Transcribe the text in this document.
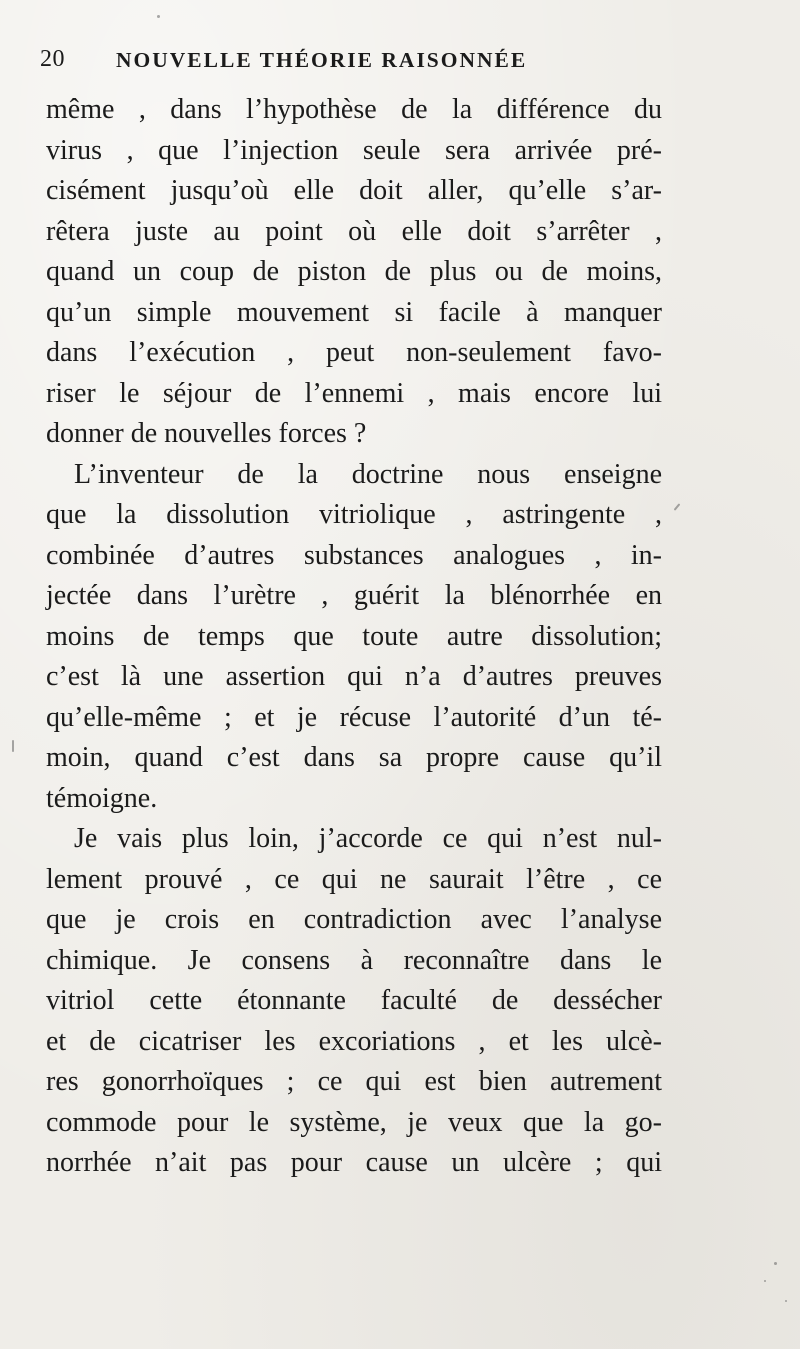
20 NOUVELLE THÉORIE RAISONNÉE
même , dans l’hypothèse de la différence du
virus , que l’injection seule sera arrivée pré-
cisément jusqu’où elle doit aller, qu’elle s’ar-
rêtera juste au point où elle doit s’arrêter ,
quand un coup de piston de plus ou de moins,
qu’un simple mouvement si facile à manquer
dans l’exécution , peut non-seulement favo-
riser le séjour de l’ennemi , mais encore lui
donner de nouvelles forces ?
L’inventeur de la doctrine nous enseigne
que la dissolution vitriolique , astringente ,
combinée d’autres substances analogues , in-
jectée dans l’urètre , guérit la blénorrhée en
moins de temps que toute autre dissolution;
c’est là une assertion qui n’a d’autres preuves
qu’elle-même ; et je récuse l’autorité d’un té-
moin, quand c’est dans sa propre cause qu’il
témoigne.
Je vais plus loin, j’accorde ce qui n’est nul-
lement prouvé , ce qui ne saurait l’être , ce
que je crois en contradiction avec l’analyse
chimique. Je consens à reconnaître dans le
vitriol cette étonnante faculté de dessécher
et de cicatriser les excoriations , et les ulcè-
res gonorrhoïques ; ce qui est bien autrement
commode pour le système, je veux que la go-
norrhée n’ait pas pour cause un ulcère ; qui
